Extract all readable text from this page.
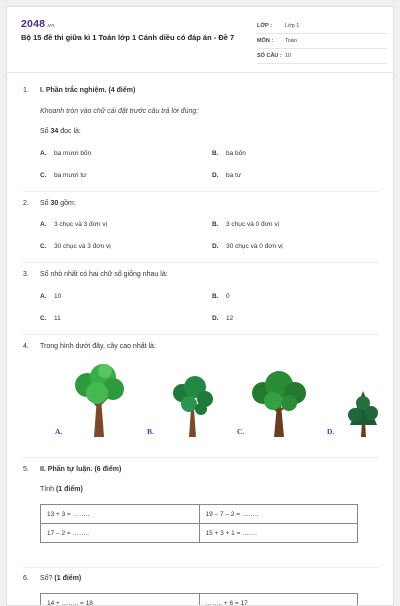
2048.vn
Bộ 15 đề thi giữa kì 1 Toán lớp 1 Cánh diều có đáp án - Đề 7
LỚP :	Lớp 1
MÔN :	Toán
SỐ CÂU : 10
1.	I. Phần trắc nghiệm. (4 điểm)
Khoanh tròn vào chữ cái đặt trước câu trả lời đúng:
Số 34 đọc là:
A. ba mươi bốn	B. ba bốn
C. ba mươi tư	D. ba tư
2.	Số 30 gồm:
A. 3 chục và 3 đơn vị	B. 3 chục và 0 đơn vị
C. 30 chục và 3 đơn vị	D. 30 chục và 0 đơn vị
3.	Số nhỏ nhất có hai chữ số giống nhau là:
A. 10	B. 0
C. 11	D. 12
4.	Trong hình dưới đây, cây cao nhất là:
A.	B.	C.	D.
5.	II. Phần tự luận. (6 điểm)
Tính (1 điểm)
13 + 3 = ……..	19 – 7 – 2 = ……..
17 – 2 = ……..	15 + 3 + 1 = …….
6.	Số? (1 điểm)
14 + …….. = 18	…….. + 6 = 17
